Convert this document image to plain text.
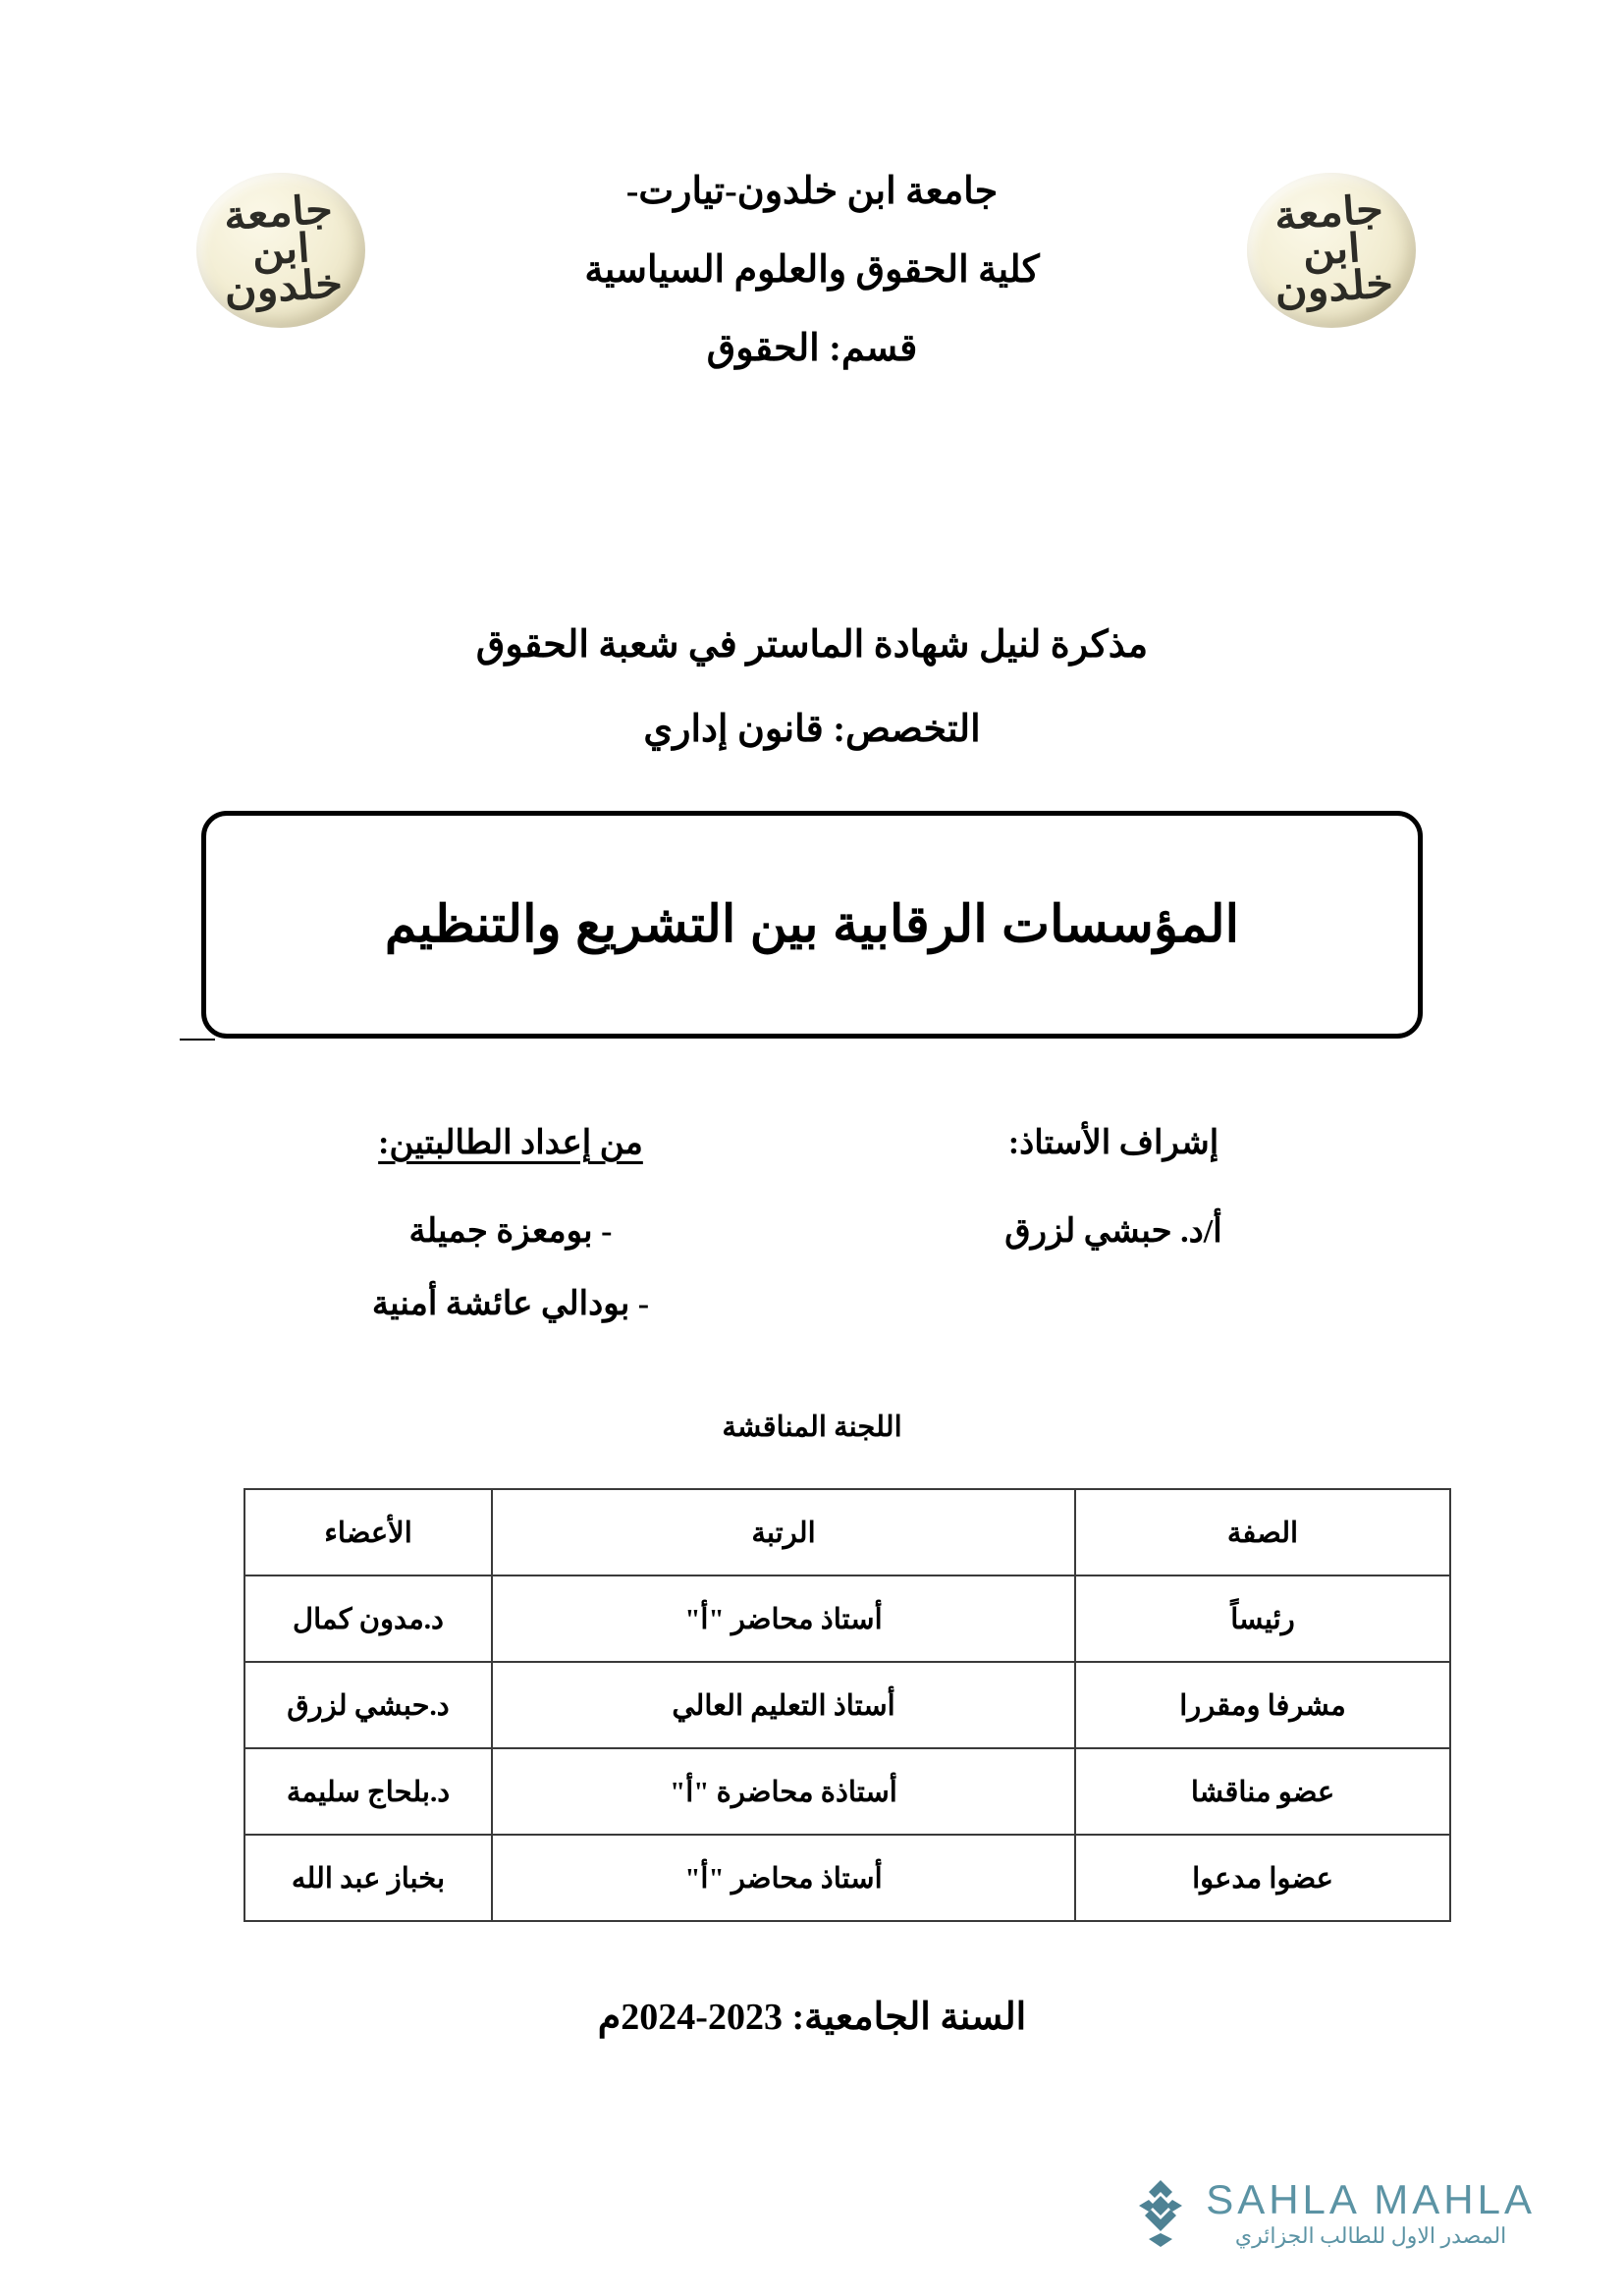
جامعة
ابن خلدون
جامعة
ابن خلدون
جامعة ابن خلدون-تيارت-
كلية الحقوق والعلوم السياسية
قسم: الحقوق
مذكرة لنيل شهادة الماستر في شعبة الحقوق
التخصص: قانون إداري
المؤسسات الرقابية بين التشريع والتنظيم
من إعداد الطالبتين:
- بومعزة جميلة
- بودالي عائشة أمنية
إشراف الأستاذ:
أ/د. حبشي لزرق
اللجنة المناقشة
الصفة	الرتبة	الأعضاء
رئيساً	أستاذ محاضر "أ"	د.مدون كمال
مشرفا ومقررا	أستاذ التعليم العالي	د.حبشي لزرق
عضو مناقشا	أستاذة محاضرة "أ"	د.بلحاج سليمة
عضوا مدعوا	أستاذ محاضر "أ"	بخباز عبد الله
السنة الجامعية: 2023-2024م
SAHLA MAHLA
المصدر الاول للطالب الجزائري
